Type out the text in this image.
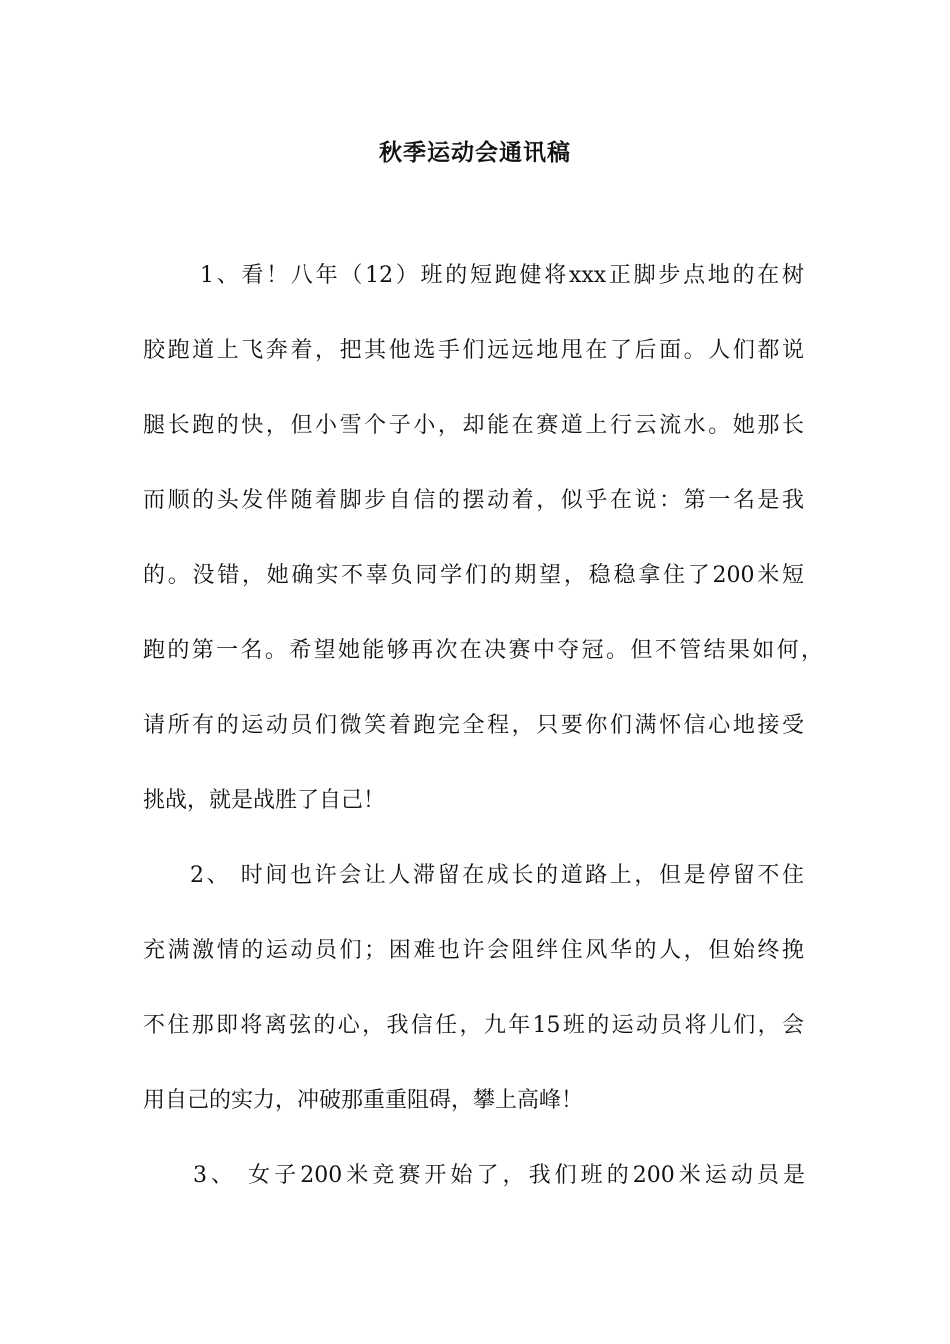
秋季运动会通讯稿
1、看！八年（12）班的短跑健将xxx正脚步点地的在树
胶跑道上飞奔着，把其他选手们远远地甩在了后面。人们都说
腿长跑的快，但小雪个子小，却能在赛道上行云流水。她那长
而顺的头发伴随着脚步自信的摆动着，似乎在说：第一名是我
的。没错，她确实不辜负同学们的期望，稳稳拿住了200米短
跑的第一名。希望她能够再次在决赛中夺冠。但不管结果如何，
请所有的运动员们微笑着跑完全程，只要你们满怀信心地接受
挑战，就是战胜了自己！
2、 时间也许会让人滞留在成长的道路上，但是停留不住
充满激情的运动员们；困难也许会阻绊住风华的人，但始终挽
不住那即将离弦的心，我信任，九年15班的运动员将儿们，会
用自己的实力，冲破那重重阻碍，攀上高峰！
3、 女子200米竞赛开始了，我们班的200米运动员是
